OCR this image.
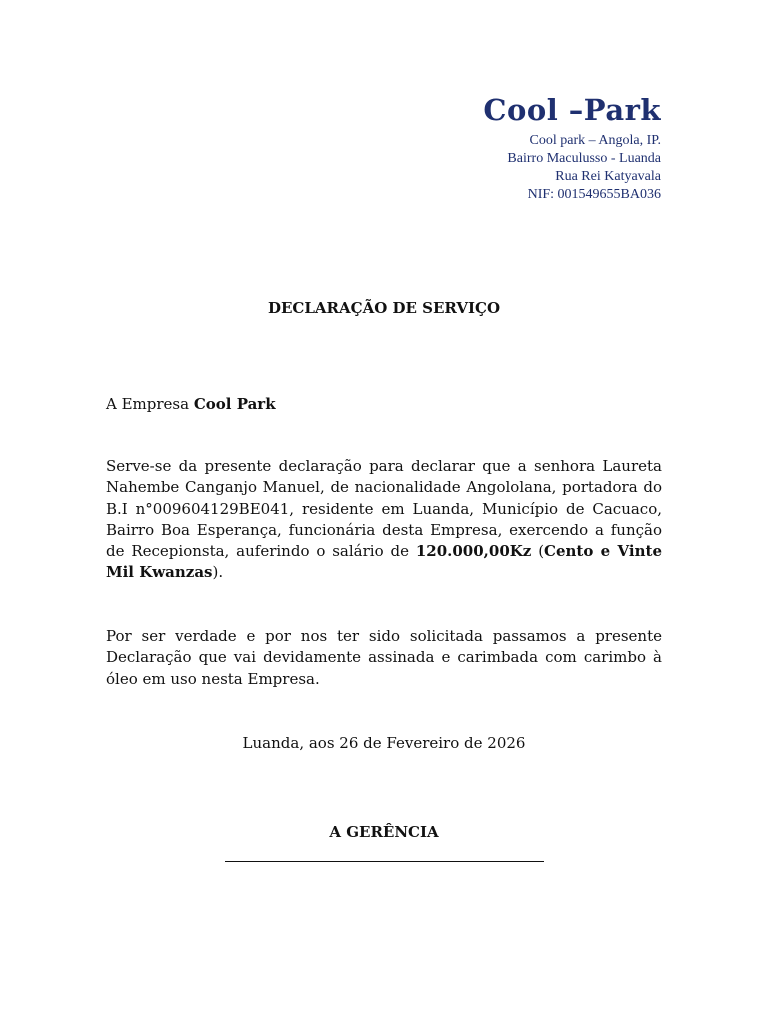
Cool –Park
Cool park – Angola, IP.
Bairro Maculusso - Luanda
Rua Rei Katyavala
NIF: 001549655BA036
DECLARAÇÃO DE SERVIÇO

A Empresa Cool Park

Serve-se da presente declaração para declarar que a senhora Laureta Nahembe Canganjo Manuel, de nacionalidade Angololana, portadora do B.I n°009604129BE041, residente em Luanda, Município de Cacuaco, Bairro Boa Esperança, funcionária desta Empresa, exercendo a função de Recepionsta, auferindo o salário de 120.000,00Kz (Cento e Vinte Mil Kwanzas).

Por ser verdade e por nos ter sido solicitada passamos a presente Declaração que vai devidamente assinada e carimbada com carimbo à óleo em uso nesta Empresa.

Luanda, aos 26 de Fevereiro de 2026
A GERÊNCIA
